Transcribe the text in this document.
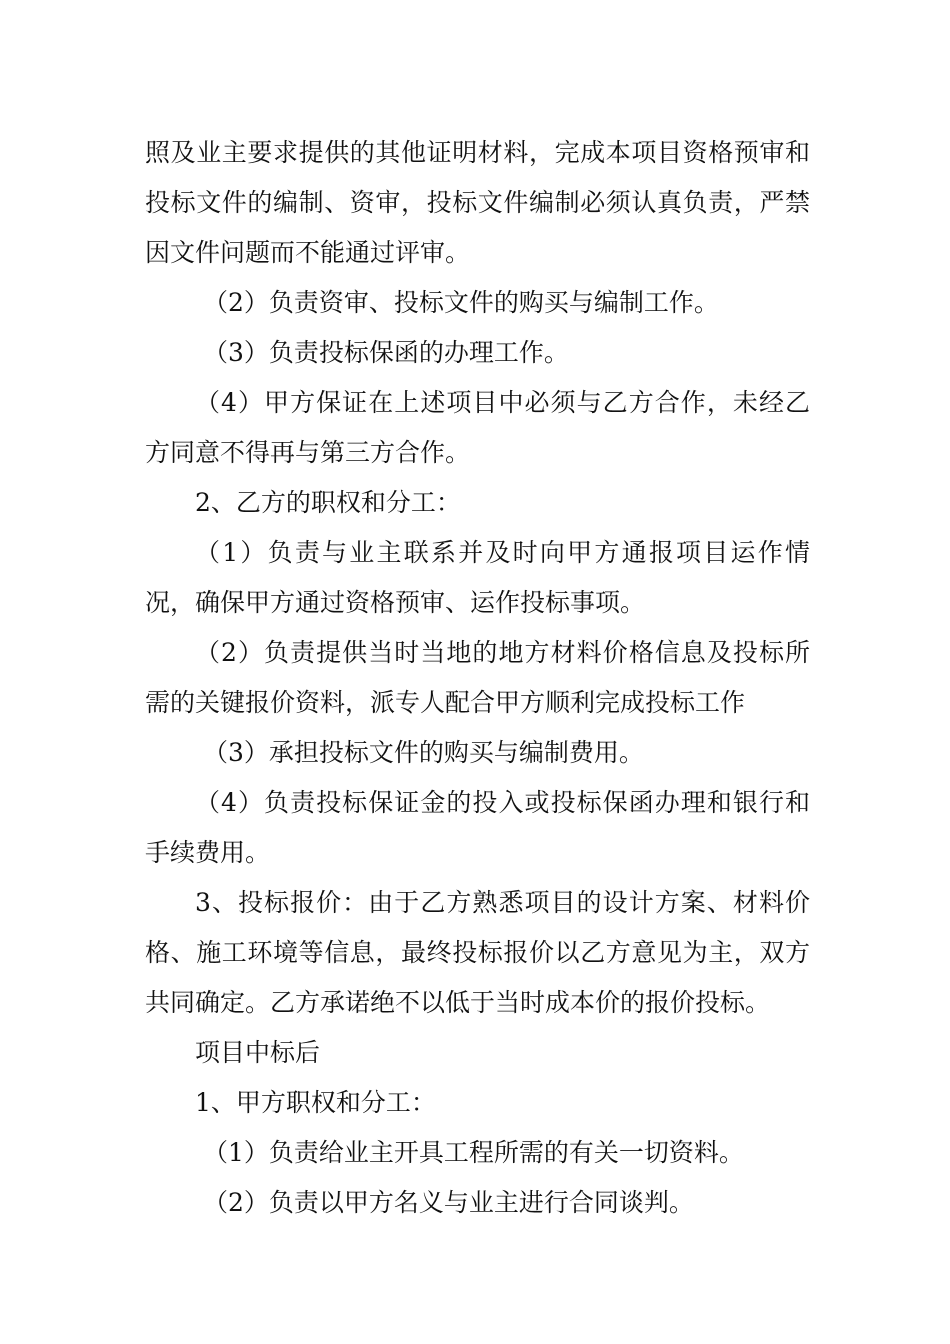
照及业主要求提供的其他证明材料，完成本项目资格预审和投标文件的编制、资审，投标文件编制必须认真负责，严禁因文件问题而不能通过评审。

（2）负责资审、投标文件的购买与编制工作。

（3）负责投标保函的办理工作。

（4）甲方保证在上述项目中必须与乙方合作，未经乙方同意不得再与第三方合作。

2、乙方的职权和分工：

（1）负责与业主联系并及时向甲方通报项目运作情况，确保甲方通过资格预审、运作投标事项。

（2）负责提供当时当地的地方材料价格信息及投标所需的关键报价资料，派专人配合甲方顺利完成投标工作

（3）承担投标文件的购买与编制费用。

（4）负责投标保证金的投入或投标保函办理和银行和手续费用。

3、投标报价：由于乙方熟悉项目的设计方案、材料价格、施工环境等信息，最终投标报价以乙方意见为主，双方共同确定。乙方承诺绝不以低于当时成本价的报价投标。

项目中标后

1、甲方职权和分工：

（1）负责给业主开具工程所需的有关一切资料。

（2）负责以甲方名义与业主进行合同谈判。
